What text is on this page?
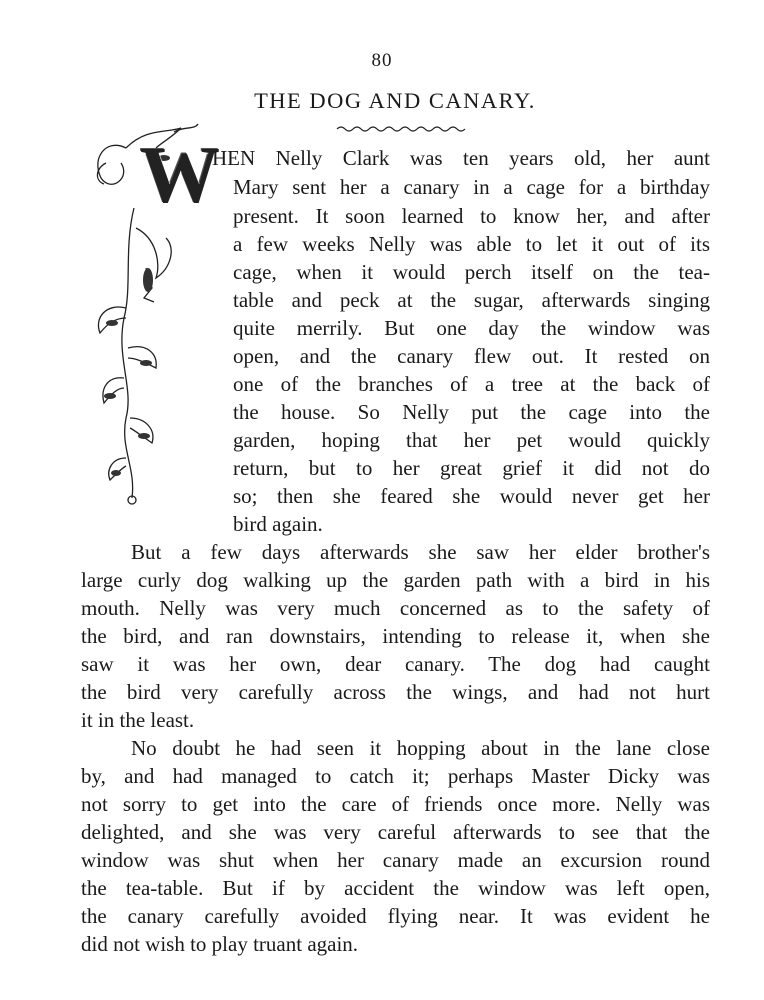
80
THE DOG AND CANARY.
W
HEN Nelly Clark was ten years old, her aunt
Mary sent her a canary in a cage for a birthday
present. It soon learned to know her, and after
a few weeks Nelly was able to let it out of its
cage, when it would perch itself on the tea-
table and peck at the sugar, afterwards singing
quite merrily. But one day the window was
open, and the canary flew out. It rested on
one of the branches of a tree at the back of
the house. So Nelly put the cage into the
garden, hoping that her pet would quickly
return, but to her great grief it did not do
so; then she feared she would never get her
bird again.
But a few days afterwards she saw her elder brother's
large curly dog walking up the garden path with a bird in his
mouth. Nelly was very much concerned as to the safety of
the bird, and ran downstairs, intending to release it, when she
saw it was her own, dear canary. The dog had caught
the bird very carefully across the wings, and had not hurt
it in the least.
No doubt he had seen it hopping about in the lane close
by, and had managed to catch it; perhaps Master Dicky was
not sorry to get into the care of friends once more. Nelly was
delighted, and she was very careful afterwards to see that the
window was shut when her canary made an excursion round
the tea-table. But if by accident the window was left open,
the canary carefully avoided flying near. It was evident he
did not wish to play truant again.
